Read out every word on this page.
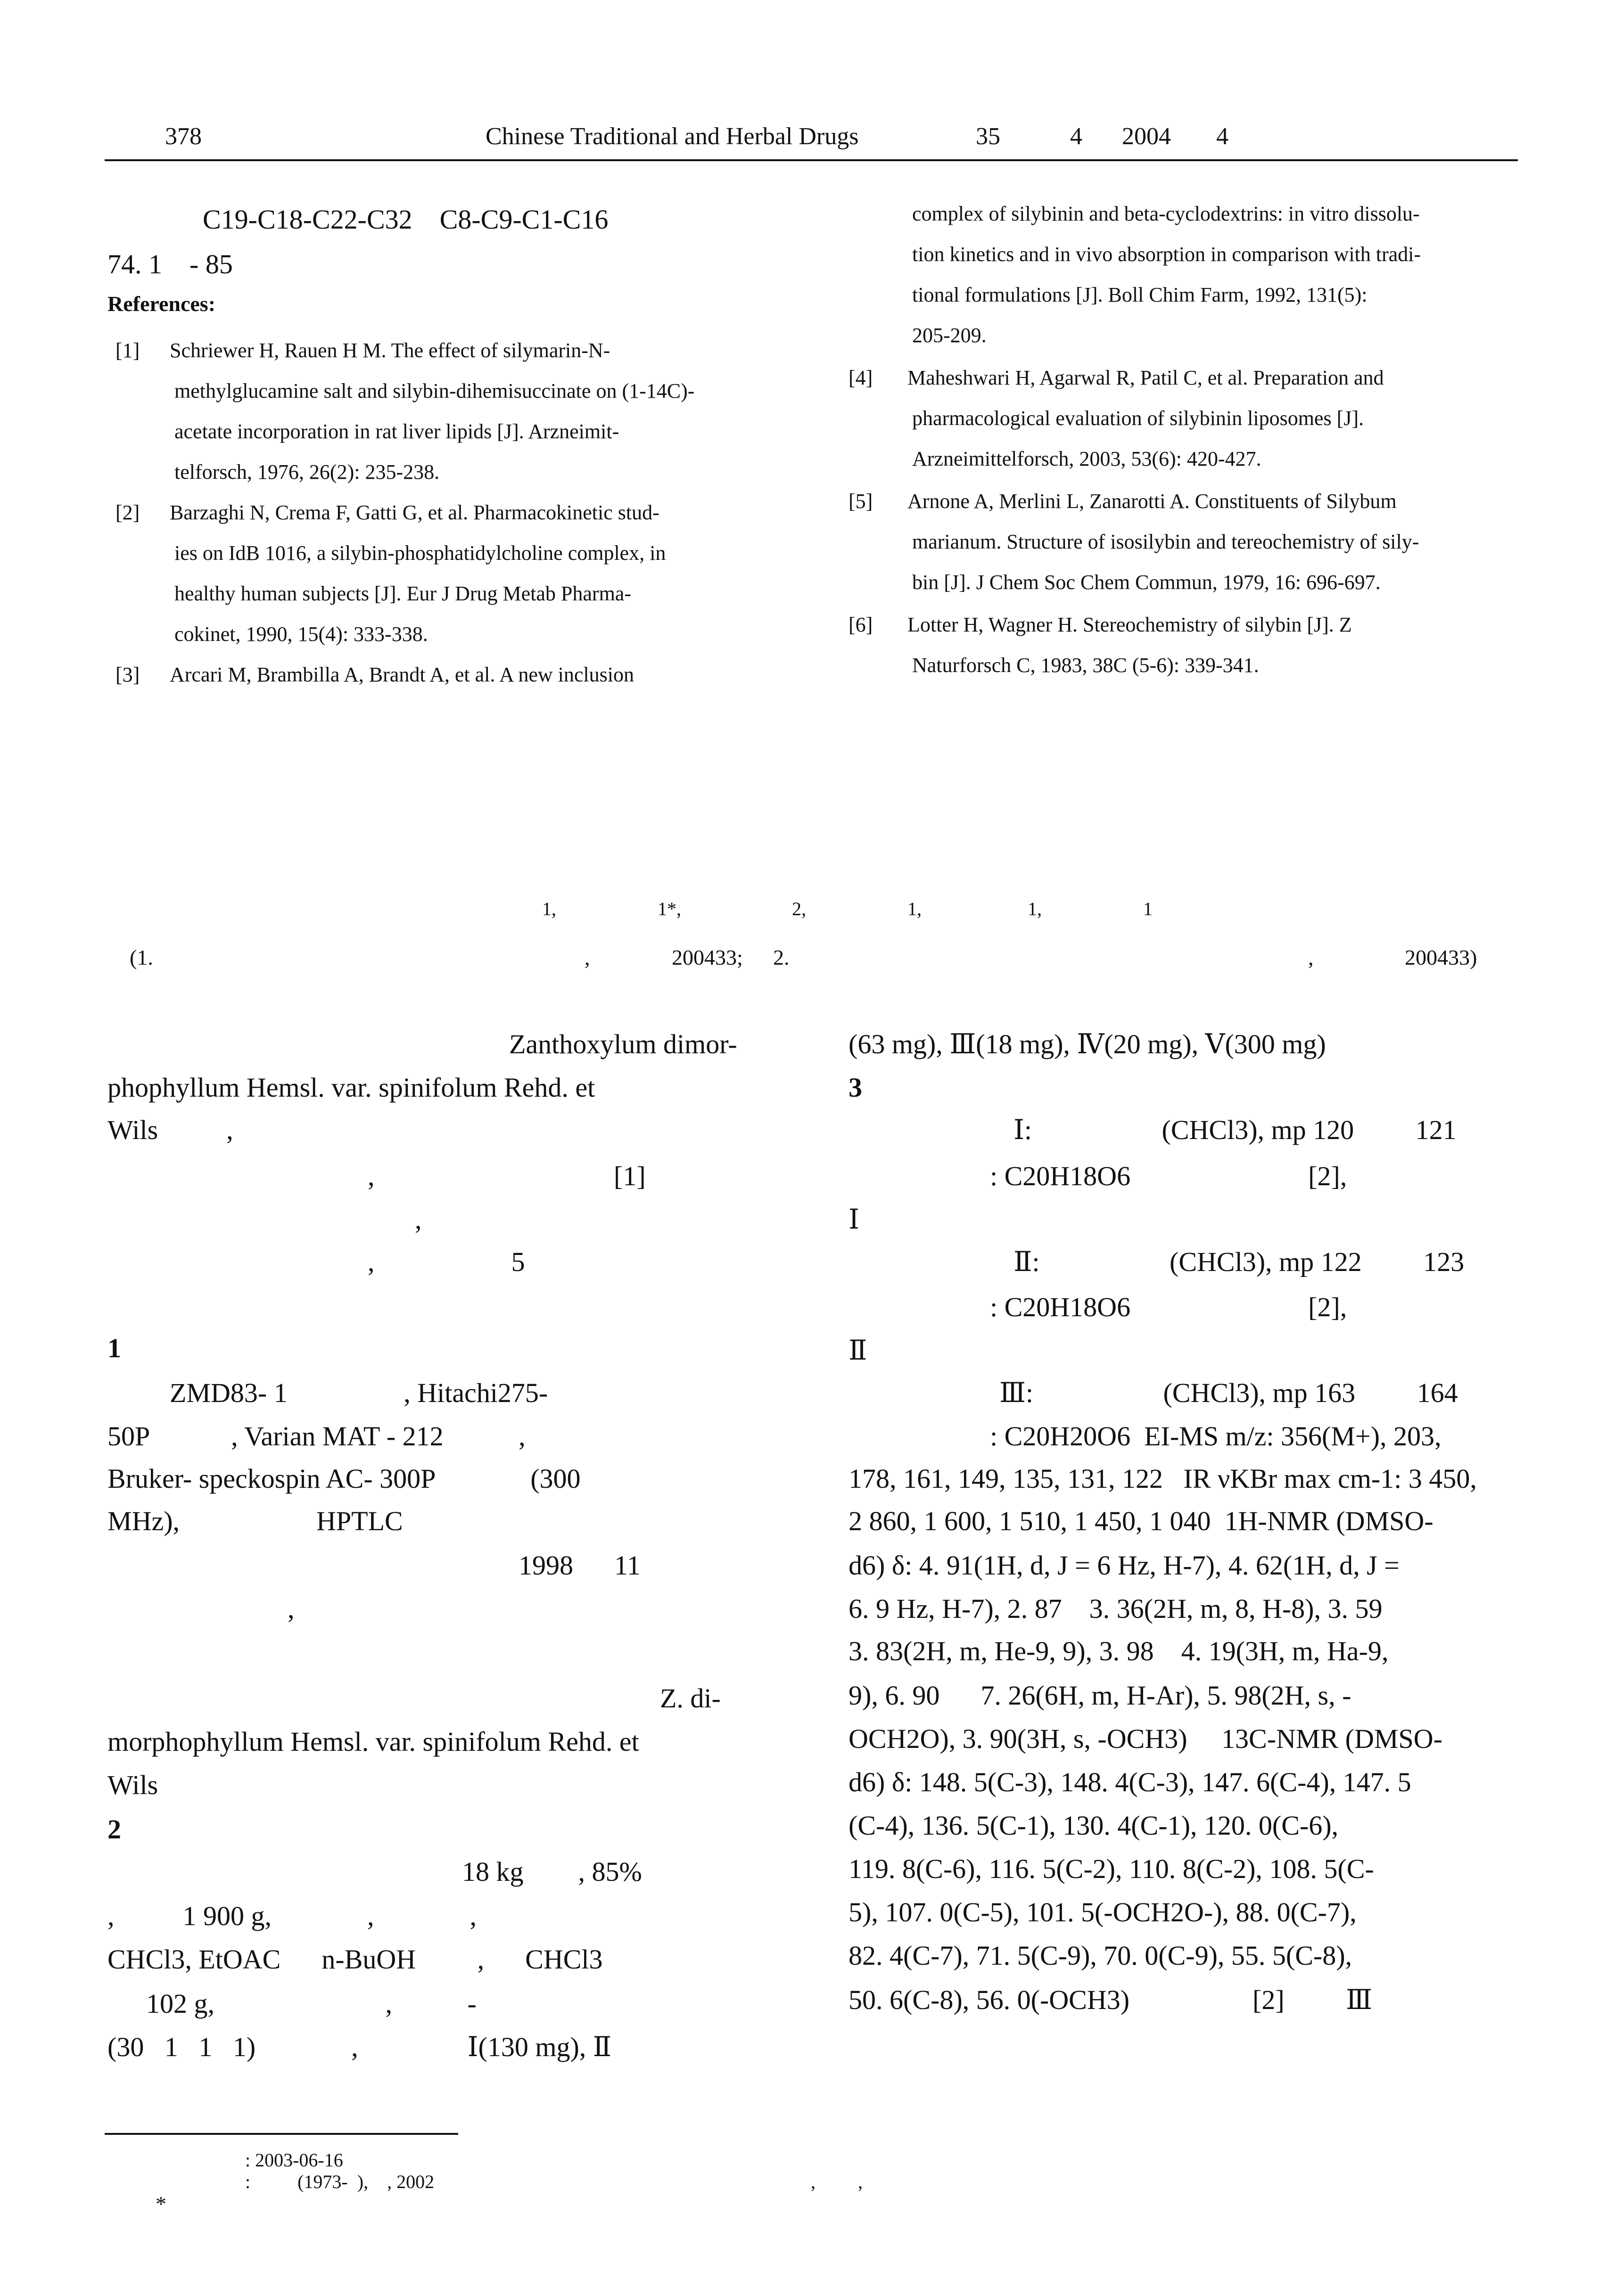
378	Chinese Traditional and Herbal Drugs	35	4 2004 4
C19-C18-C22-C32    C8-C9-C1-C16
74. 1    - 85
References:
[1] Schriewer H, Rauen H M. The effect of silymarin-N-
methylglucamine salt and silybin-dihemisuccinate on (1-14C)-
acetate incorporation in rat liver lipids [J]. Arzneimit-
telforsch, 1976, 26(2): 235-238.
[2] Barzaghi N, Crema F, Gatti G, et al. Pharmacokinetic stud-
ies on IdB 1016, a silybin-phosphatidylcholine complex, in
healthy human subjects [J]. Eur J Drug Metab Pharma-
cokinet, 1990, 15(4): 333-338.
[3] Arcari M, Brambilla A, Brandt A, et al. A new inclusion
complex of silybinin and beta-cyclodextrins: in vitro dissolu-
tion kinetics and in vivo absorption in comparison with tradi-
tional formulations [J]. Boll Chim Farm, 1992, 131(5):
205-209.
[4] Maheshwari H, Agarwal R, Patil C, et al. Preparation and
pharmacological evaluation of silybinin liposomes [J].
Arzneimittelforsch, 2003, 53(6): 420-427.
[5] Arnone A, Merlini L, Zanarotti A. Constituents of Silybum
marianum. Structure of isosilybin and tereochemistry of sily-
bin [J]. J Chem Soc Chem Commun, 1979, 16: 696-697.
[6] Lotter H, Wagner H. Stereochemistry of silybin [J]. Z
Naturforsch C, 1983, 38C (5-6): 339-341.
1,	1*,	2,	1,	1,	1
(1.	,	200433; 2.	,	200433)
Zanthoxylum dimor-
phophyllum Hemsl. var. spinifolum Rehd. et
Wils          ,
,                                   [1]
,
,                    5
1
ZMD83- 1                 , Hitachi275-
50P            , Varian MAT - 212           ,
Bruker- speckospin AC- 300P              (300
MHz),                    HPTLC
1998      11
,
Z. di-
morphophyllum Hemsl. var. spinifolum Rehd. et
Wils
2
18 kg        , 85%
,          1 900 g,              ,              ,
CHCl3, EtOAC      n-BuOH         ,      CHCl3
102 g,                         ,           -
(30   1   1   1)              ,                Ⅰ(130 mg), Ⅱ
(63 mg), Ⅲ(18 mg), Ⅳ(20 mg), Ⅴ(300 mg)
3
Ⅰ:                   (CHCl3), mp 120         121
: C20H18O6                          [2],
Ⅰ
Ⅱ:                   (CHCl3), mp 122         123
: C20H18O6                          [2],
Ⅱ
Ⅲ:                   (CHCl3), mp 163         164
: C20H20O6  EI-MS m/z: 356(M+), 203,
178, 161, 149, 135, 131, 122   IR νKBr max cm-1: 3 450,
2 860, 1 600, 1 510, 1 450, 1 040  1H-NMR (DMSO-
d6) δ: 4. 91(1H, d, J = 6 Hz, H-7), 4. 62(1H, d, J =
6. 9 Hz, H-7), 2. 87    3. 36(2H, m, 8, H-8), 3. 59
3. 83(2H, m, He-9, 9), 3. 98    4. 19(3H, m, Ha-9,
9), 6. 90      7. 26(6H, m, H-Ar), 5. 98(2H, s, -
OCH2O), 3. 90(3H, s, -OCH3)     13C-NMR (DMSO-
d6) δ: 148. 5(C-3), 148. 4(C-3), 147. 6(C-4), 147. 5
(C-4), 136. 5(C-1), 130. 4(C-1), 120. 0(C-6),
119. 8(C-6), 116. 5(C-2), 110. 8(C-2), 108. 5(C-
5), 107. 0(C-5), 101. 5(-OCH2O-), 88. 0(C-7),
82. 4(C-7), 71. 5(C-9), 70. 0(C-9), 55. 5(C-8),
50. 6(C-8), 56. 0(-OCH3)                  [2]         Ⅲ
: 2003-06-16
:          (1973-  ),    , 2002	,         ,
*
